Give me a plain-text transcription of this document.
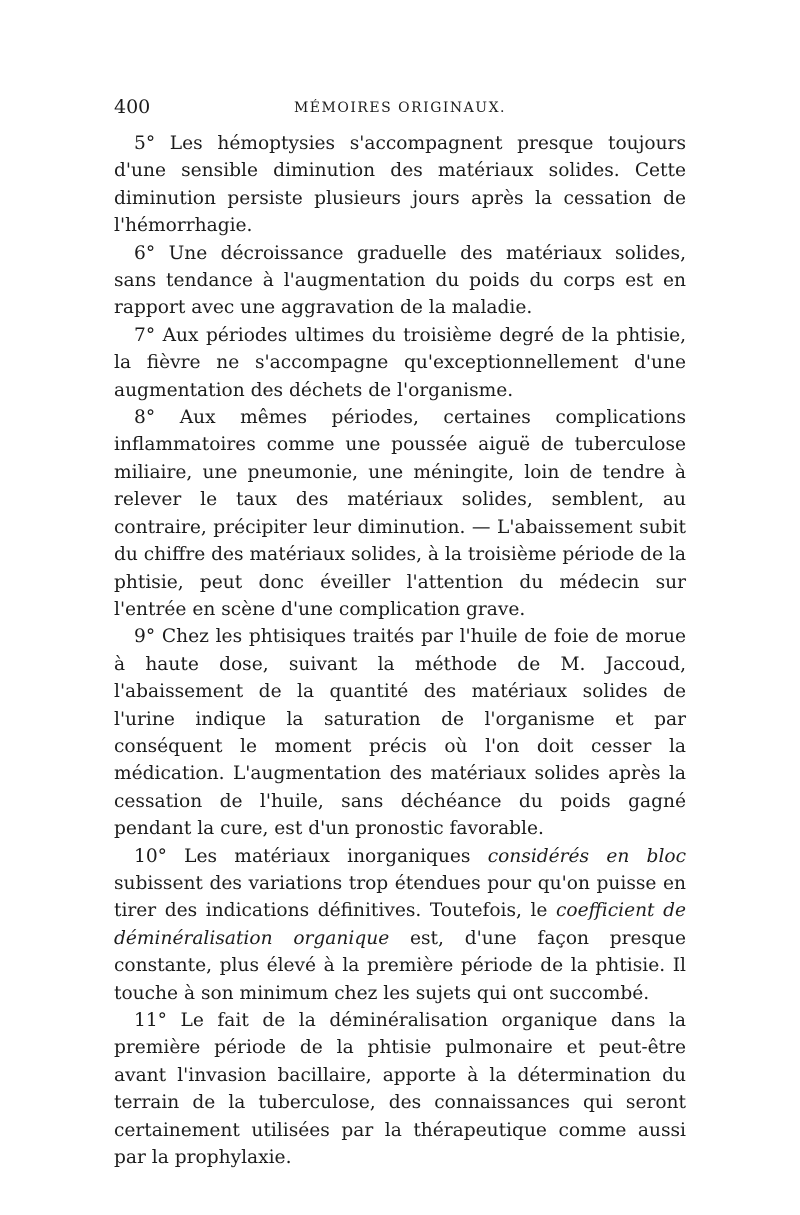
400	MÉMOIRES ORIGINAUX.

5° Les hémoptysies s'accompagnent presque toujours d'une sensible diminution des matériaux solides. Cette diminution persiste plusieurs jours après la cessation de l'hémorrhagie.

6° Une décroissance graduelle des matériaux solides, sans tendance à l'augmentation du poids du corps est en rapport avec une aggravation de la maladie.

7° Aux périodes ultimes du troisième degré de la phtisie, la fièvre ne s'accompagne qu'exceptionnellement d'une augmentation des déchets de l'organisme.

8° Aux mêmes périodes, certaines complications inflammatoires comme une poussée aiguë de tuberculose miliaire, une pneumonie, une méningite, loin de tendre à relever le taux des matériaux solides, semblent, au contraire, précipiter leur diminution. — L'abaissement subit du chiffre des matériaux solides, à la troisième période de la phtisie, peut donc éveiller l'attention du médecin sur l'entrée en scène d'une complication grave.

9° Chez les phtisiques traités par l'huile de foie de morue à haute dose, suivant la méthode de M. Jaccoud, l'abaissement de la quantité des matériaux solides de l'urine indique la saturation de l'organisme et par conséquent le moment précis où l'on doit cesser la médication. L'augmentation des matériaux solides après la cessation de l'huile, sans déchéance du poids gagné pendant la cure, est d'un pronostic favorable.

10° Les matériaux inorganiques considérés en bloc subissent des variations trop étendues pour qu'on puisse en tirer des indications définitives. Toutefois, le coefficient de déminéralisation organique est, d'une façon presque constante, plus élevé à la première période de la phtisie. Il touche à son minimum chez les sujets qui ont succombé.

11° Le fait de la déminéralisation organique dans la première période de la phtisie pulmonaire et peut-être avant l'invasion bacillaire, apporte à la détermination du terrain de la tuberculose, des connaissances qui seront certainement utilisées par la thérapeutique comme aussi par la prophylaxie.
